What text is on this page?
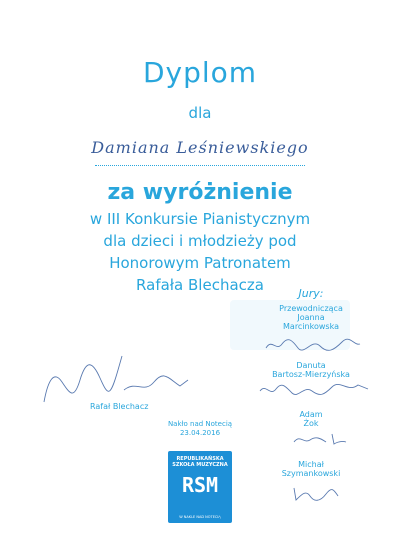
Dyplom
dla
Damiana Leśniewskiego
za wyróżnienie
w III Konkursie Pianistycznym
dla dzieci i młodzieży pod
Honorowym Patronatem
Rafała Blechacza	Jury:
Przewodnicząca
Joanna
Marcinkowska
Danuta
Bartosz-Mierzyńska
Adam
Żok
Michał
Szymankowski
Rafał Blechacz
Nakło nad Notecią
23.04.2016
REPUBLIKAŃSKA
SZKOŁA MUZYCZNA
RSM
W NAKLE NAD NOTECIĄ
